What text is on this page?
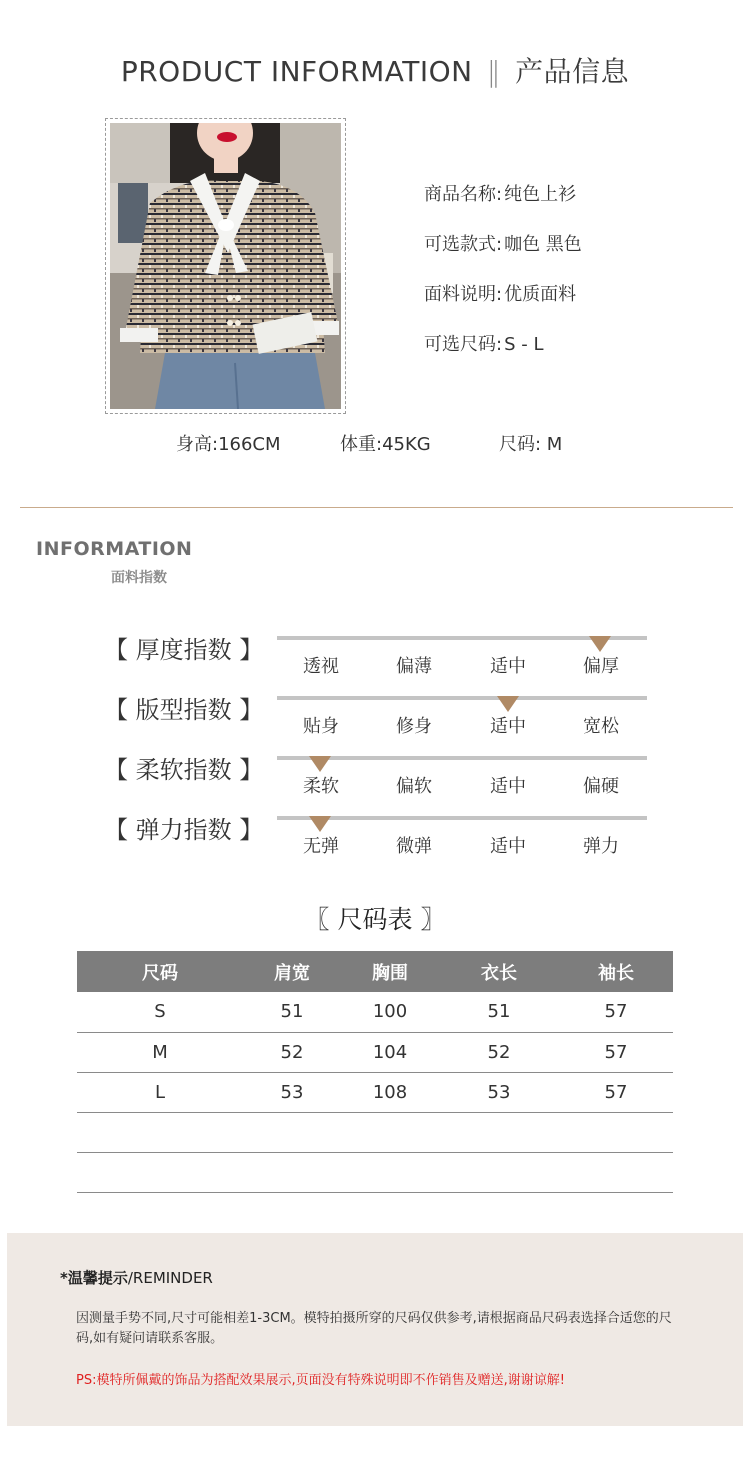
PRODUCT INFORMATION ‖ 产品信息
商品名称: 纯色上衫
可选款式: 咖色 黑色
面料说明: 优质面料
可选尺码: S - L
身高:166CM	体重:45KG	尺码: M
INFORMATION
面料指数
【 厚度指数 】
透视	偏薄	适中	偏厚
【 版型指数 】
贴身	修身	适中	宽松
【 柔软指数 】
柔软	偏软	适中	偏硬
【 弹力指数 】
无弹	微弹	适中	弹力
〖 尺码表 〗
尺码	肩宽	胸围	衣长	袖长
S	51	100	51	57
M	52	104	52	57
L	53	108	53	57

*温馨提示/REMINDER
因测量手势不同,尺寸可能相差1-3CM。模特拍摄所穿的尺码仅供参考,请根据商品尺码表选择合适您的尺码,如有疑问请联系客服。
PS:模特所佩戴的饰品为搭配效果展示,页面没有特殊说明即不作销售及赠送,谢谢谅解!
